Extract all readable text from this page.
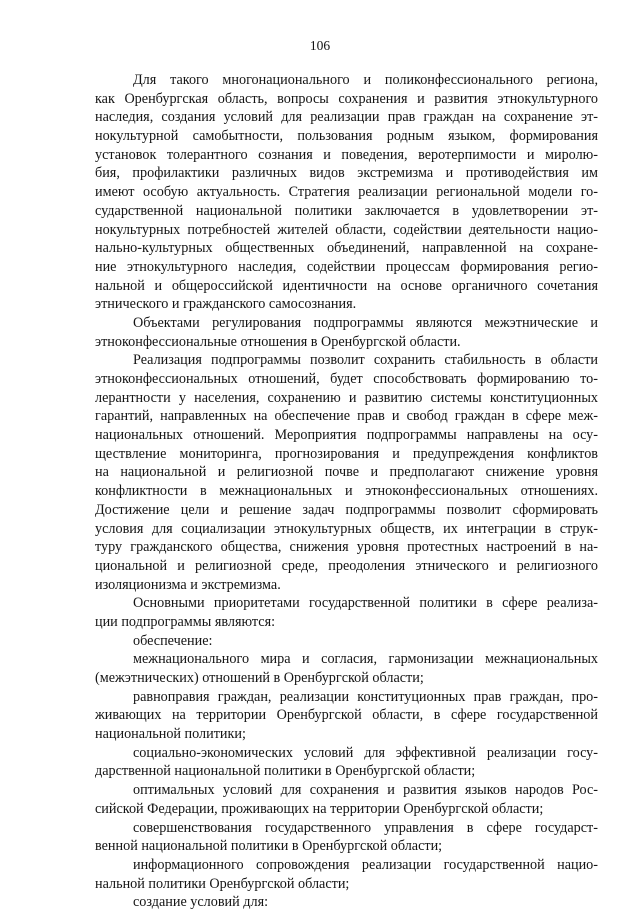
106
Для такого многонационального и поликонфессионального региона,
как Оренбургская область, вопросы сохранения и развития этнокультурного
наследия, создания условий для реализации прав граждан на сохранение эт-
нокультурной самобытности, пользования родным языком, формирования
установок толерантного сознания и поведения, веротерпимости и миролю-
бия, профилактики различных видов экстремизма и противодействия им
имеют особую актуальность. Стратегия реализации региональной модели го-
сударственной национальной политики заключается в удовлетворении эт-
нокультурных потребностей жителей области, содействии деятельности нацио-
нально-культурных общественных объединений, направленной на сохране-
ние этнокультурного наследия, содействии процессам формирования регио-
нальной и общероссийской идентичности на основе органичного сочетания
этнического и гражданского самосознания.
Объектами регулирования подпрограммы являются межэтнические и
этноконфессиональные отношения в Оренбургской области.
Реализация подпрограммы позволит сохранить стабильность в области
этноконфессиональных отношений, будет способствовать формированию то-
лерантности у населения, сохранению и развитию системы конституционных
гарантий, направленных на обеспечение прав и свобод граждан в сфере меж-
национальных отношений. Мероприятия подпрограммы направлены на осу-
ществление мониторинга, прогнозирования и предупреждения конфликтов
на национальной и религиозной почве и предполагают снижение уровня
конфликтности в межнациональных и этноконфессиональных отношениях.
Достижение цели и решение задач подпрограммы позволит сформировать
условия для социализации этнокультурных обществ, их интеграции в струк-
туру гражданского общества, снижения уровня протестных настроений в на-
циональной и религиозной среде, преодоления этнического и религиозного
изоляционизма и экстремизма.
Основными приоритетами государственной политики в сфере реализа-
ции подпрограммы являются:
обеспечение:
межнационального мира и согласия, гармонизации межнациональных
(межэтнических) отношений в Оренбургской области;
равноправия граждан, реализации конституционных прав граждан, про-
живающих на территории Оренбургской области, в сфере государственной
национальной политики;
социально-экономических условий для эффективной реализации госу-
дарственной национальной политики в Оренбургской области;
оптимальных условий для сохранения и развития языков народов Рос-
сийской Федерации, проживающих на территории Оренбургской области;
совершенствования государственного управления в сфере государст-
венной национальной политики в Оренбургской области;
информационного сопровождения реализации государственной нацио-
нальной политики Оренбургской области;
создание условий для:
